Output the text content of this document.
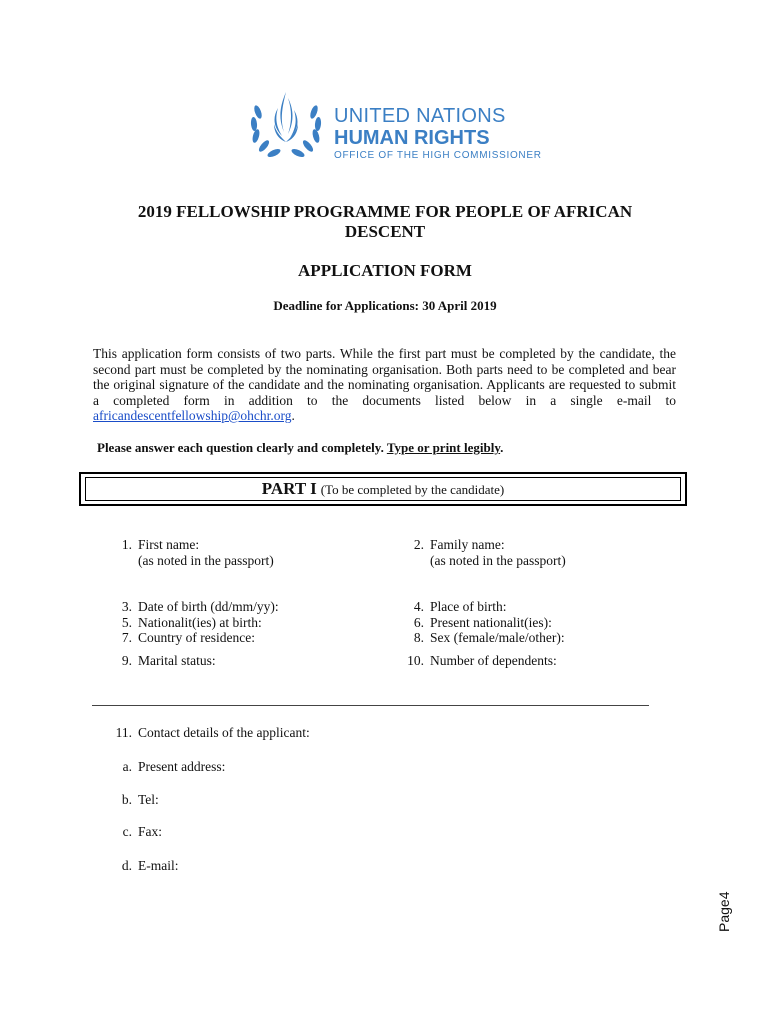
UNITED NATIONS
HUMAN RIGHTS
OFFICE OF THE HIGH COMMISSIONER
2019 FELLOWSHIP PROGRAMME FOR PEOPLE OF AFRICAN
DESCENT
APPLICATION FORM
Deadline for Applications: 30 April 2019
This application form consists of two parts. While the first part must be completed by the candidate, the second part must be completed by the nominating organisation. Both parts need to be completed and bear the original signature of the candidate and the nominating organisation. Applicants are requested to submit a completed form in addition to the documents listed below in a single e-mail to africandescentfellowship@ohchr.org.
Please answer each question clearly and completely. Type or print legibly.
PART I (To be completed by the candidate)
1. First name:
(as noted in the passport)
3. Date of birth (dd/mm/yy):
5. Nationalit(ies) at birth:
7. Country of residence:
9. Marital status:
2. Family name:
(as noted in the passport)
4. Place of birth:
6. Present nationalit(ies):
8. Sex (female/male/other):
10. Number of dependents:
11. Contact details of the applicant:
a. Present address:
b. Tel:
c. Fax:
d. E-mail:
Page4
